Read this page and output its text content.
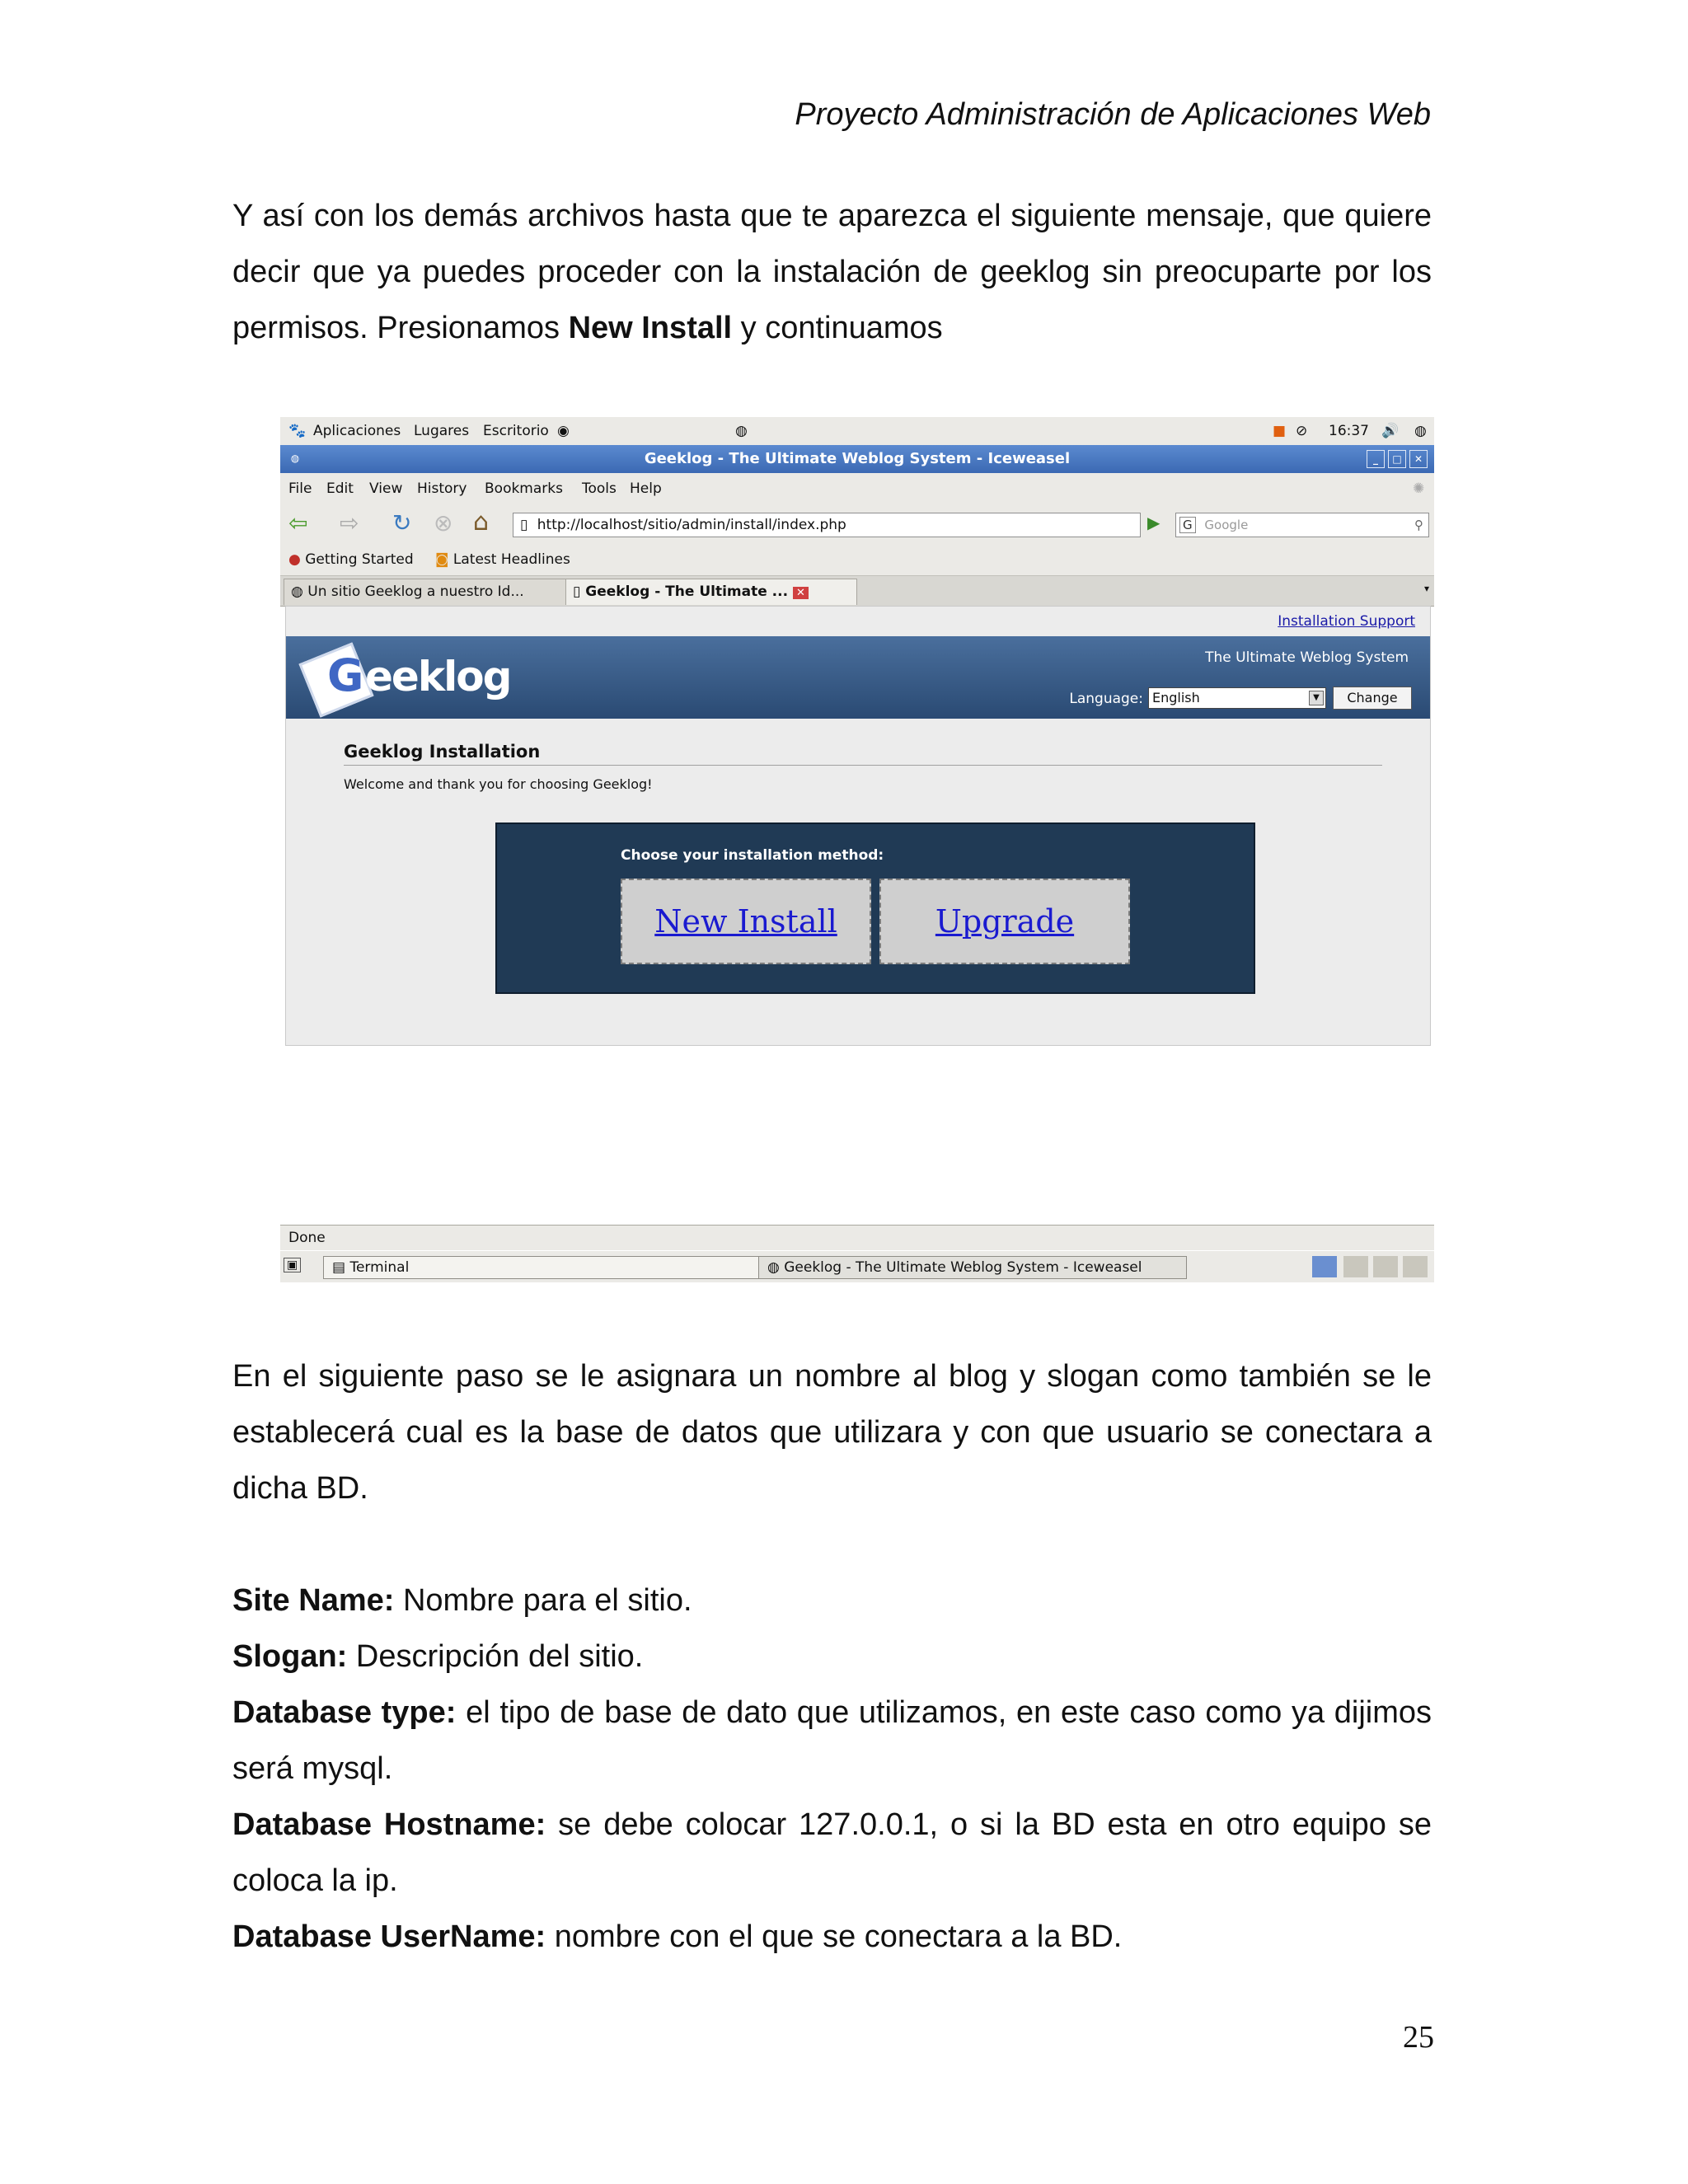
Proyecto Administración de Aplicaciones Web

Y así con los demás archivos hasta que te aparezca el siguiente mensaje, que quiere decir que ya puedes proceder con la instalación de geeklog sin preocuparte por los permisos. Presionamos New Install y continuamos

🐾 Aplicaciones Lugares Escritorio ◉	◍	■ ⊘ 16:37 🔊 ◍
Geeklog - The Ultimate Weblog System - Iceweasel
◍	_	□	✕
File Edit View History Bookmarks Tools Help	✺
⇦ ⇨ ↻ ⊗ ⌂	▯ http://localhost/sitio/admin/install/index.php	▶	G Google	⚲
● Getting Started ◙ Latest Headlines
◍ Un sitio Geeklog a nuestro Id...	▯ Geeklog - The Ultimate ... ✕	▾
Installation Support
G eeklog	The Ultimate Weblog System
Language: English	▼	Change
Geeklog Installation
Welcome and thank you for choosing Geeklog!
Choose your installation method:
New Install	Upgrade
Done
▣	▤ Terminal	◍ Geeklog - The Ultimate Weblog System - Iceweasel

En el siguiente paso se le asignara un nombre al blog y slogan como también se le establecerá cual es la base de datos que utilizara y con que usuario se conectara a dicha BD.

Site Name: Nombre para el sitio.
Slogan: Descripción del sitio.
Database type: el tipo de base de dato que utilizamos, en este caso como ya dijimos será mysql.
Database Hostname: se debe colocar 127.0.0.1, o si la BD esta en otro equipo se coloca la ip.
Database UserName: nombre con el que se conectara a la BD.
25
